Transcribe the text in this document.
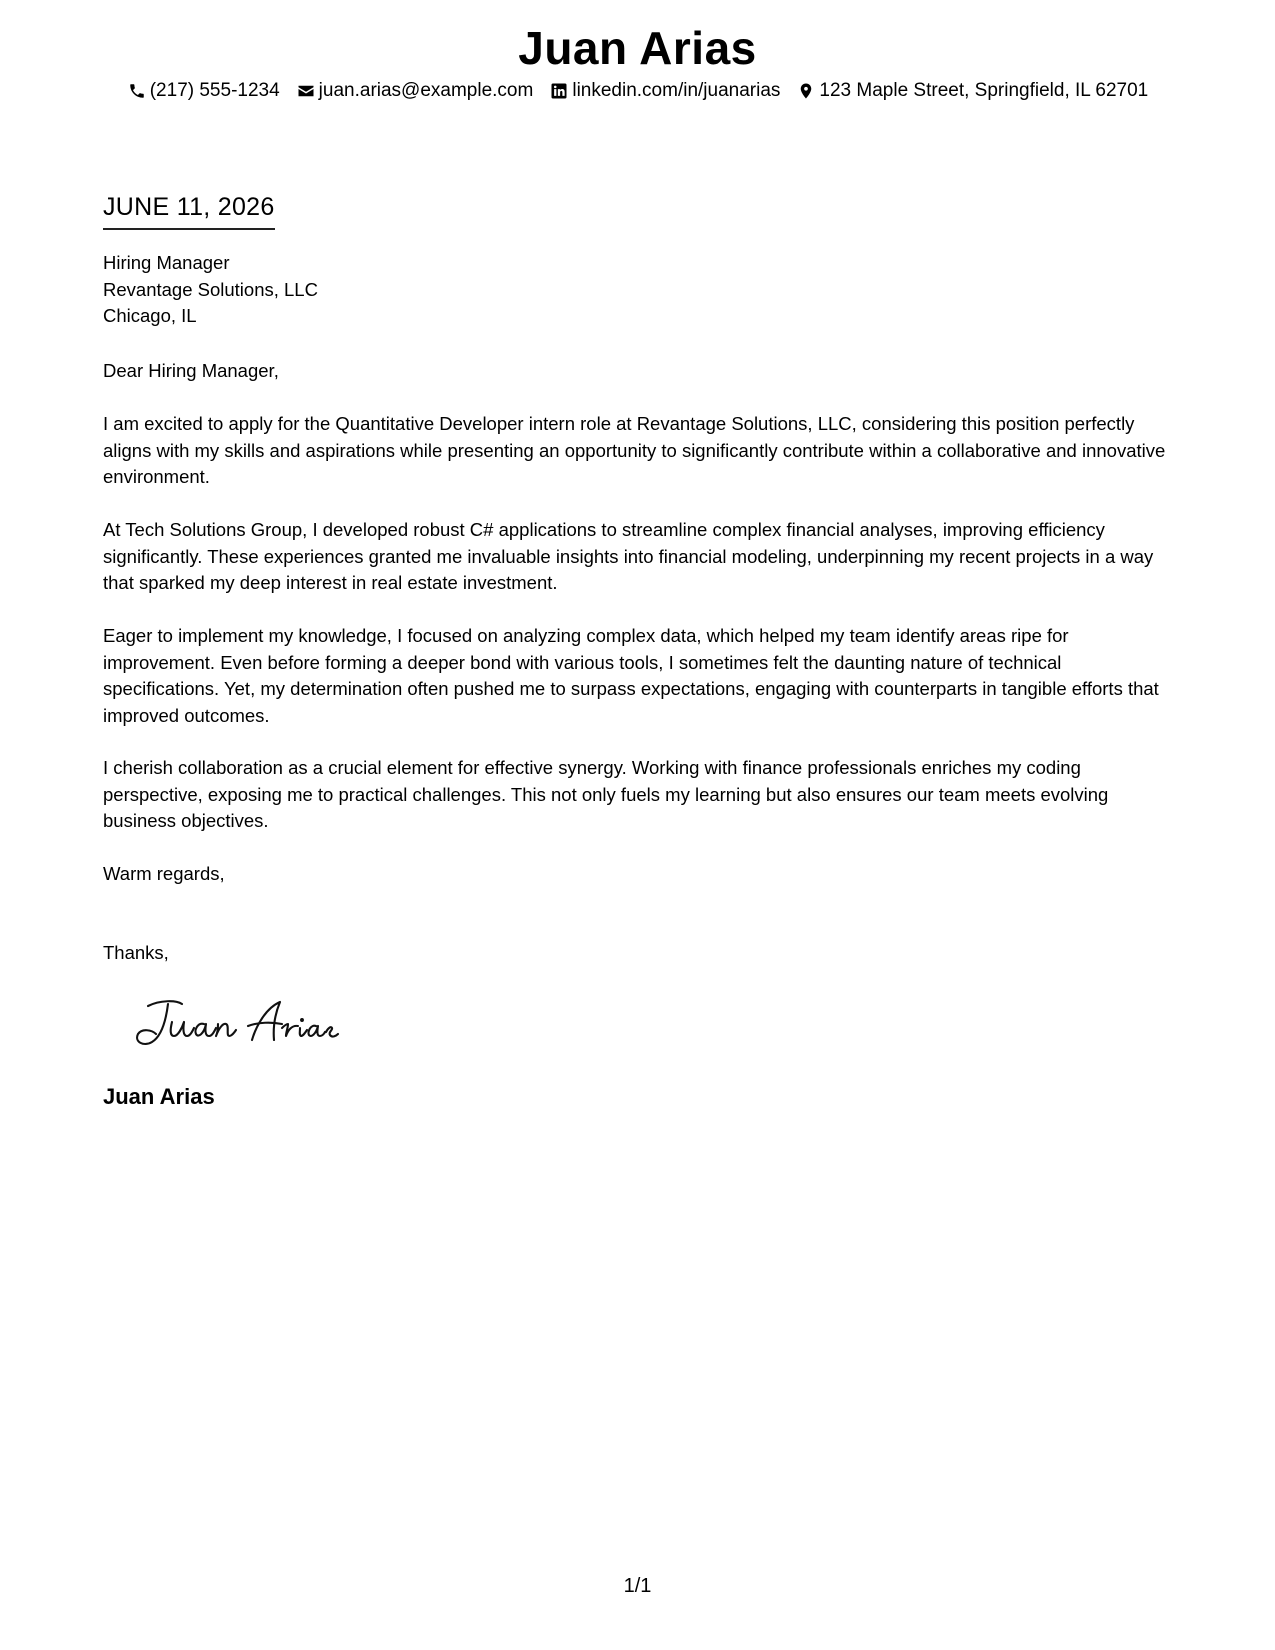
Juan Arias
(217) 555-1234 juan.arias@example.com linkedin.com/in/juanarias 123 Maple Street, Springfield, IL 62701
JUNE 11, 2026
Hiring Manager
Revantage Solutions, LLC
Chicago, IL
Dear Hiring Manager,
I am excited to apply for the Quantitative Developer intern role at Revantage Solutions, LLC, considering this position perfectly aligns with my skills and aspirations while presenting an opportunity to significantly contribute within a collaborative and innovative environment.
At Tech Solutions Group, I developed robust C# applications to streamline complex financial analyses, improving efficiency significantly. These experiences granted me invaluable insights into financial modeling, underpinning my recent projects in a way that sparked my deep interest in real estate investment.
Eager to implement my knowledge, I focused on analyzing complex data, which helped my team identify areas ripe for improvement. Even before forming a deeper bond with various tools, I sometimes felt the daunting nature of technical specifications. Yet, my determination often pushed me to surpass expectations, engaging with counterparts in tangible efforts that improved outcomes.
I cherish collaboration as a crucial element for effective synergy. Working with finance professionals enriches my coding perspective, exposing me to practical challenges. This not only fuels my learning but also ensures our team meets evolving business objectives.
Warm regards,
Thanks,
Juan Arias
1/1
